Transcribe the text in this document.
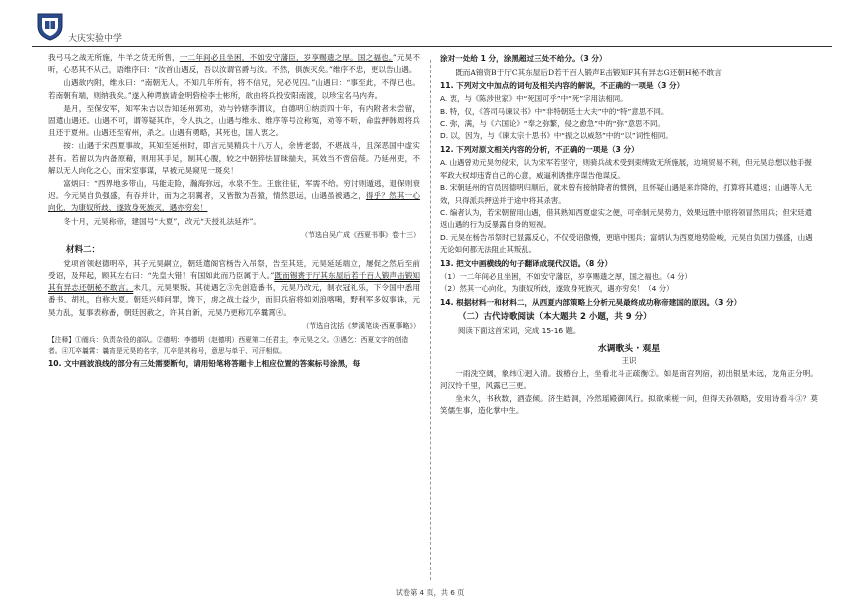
大庆实验中学

我弓马之战无所施，牛羊之货无所售，一二年间必且坐困，不如安守藩臣，岁享赐遗之厚。国之福也。”元昊不听，心恶其不从己，语维序曰：“汝首山遇反，吾以汝谓官爵与汝。不然，俱族灭矣。”维序不忠，更以告山遇。

山遇欲内附，维永曰：“南朝无人，不知几年所有，将不信兄，兄必见囚。”山遇曰：“事至此，不得已也。若南朝有端，则纳我矣。”遂入种谔族请金明砦检李士彬所，欲由将兵投安阳南渡，以珍宝名马内奔。

是月，至保安军，知军朱吉以告知延州郭劝，劝与钤辖李渭议，自德明①纳贡四十年，有内附者未尝留，固遣山遇还。山遇不可，谓等疑其诈，令人执之，山遇与维永、维序等号泣称冤，劝等不听，命监押韩周将兵且还于夏州。山遇还至宥州，杀之。山遇有勇略，其死也，国人衷之。

按：山遇于宋西夏事故，其知至延州时，即言元昊精兵十八万人，余皆老弱，不堪战斗，且深恶国中虚实甚有。若留以为内备原藉，则用其手足，制其心腹，较之中朝猝怯冒昧揣夫，其效当不啻倍蓰。乃延州吏，不解以无人向化之心，而宋室事谋，早被元昊窥见一斑矣！

富炳曰：“西界地多带山，马能走险，瀚海弥远，水泉不生。王旅往征，军需不给。穷讨则遁逃，退保则衰迟。今元昊自负强盛，有吞并计，而为之羽翼者，又皆散为吾猿，情然思运，山遇虽被遇之，得乎？然其一心向化，为康奴所歧，遂致身死族灭，遇亦穷矣！

冬十月，元昊称帝，建国号“大夏”，改元“天授礼法延祚”。

（节选自吴广成《西夏书事》卷十三）

材料二：

党项首领赵德明卒，其子元昊嗣立，朝廷遣阁官杨告入吊祭，告至其廷，元昊延延端立，屡促之然后至前受诏，及拜起，顾其左右曰：“先皇大错！有国如此而乃臣属于人。”既而锡赉于厅其东屋后若千百人锻声击锻知其有异志还朝秘不敢言。未几，元昊果叛。其徒遇乞③先创造番书，元昊乃改元，制衣冠礼乐，下令国中悉用番书、胡礼，自称大夏。朝廷兴师问罪，馋下，虏之战士益少，而旧兵宿将如刘浪喀噶，野利军多奴事诛，元昊力乱，复事表称番，朝廷因赦之，许其自新，元昊乃更称兀卒曩霄④。

（节选自沈括《梦溪笔谈·西夏事略》）

【注释】①阍兵：负责杂役的部队。②德明：李德明（赵德明）西夏第二任君主，李元昊之父。③遇乞：西夏文字的创造者。④兀卒曩霄：曩宵是元昊的名字，兀卒是其称号，意思与单于、可汗相似。

10. 文中画波浪线的部分有三处需要断句，请用铅笔将答题卡上相应位置的答案标号涂黑，每

涂对一处给 1 分，涂黑超过三处不给分。（3 分）

既而A锦资B于厅C其东屋后D若干百人锻声E击锻知F其有异志G还朝H秘不敢言

11. 下列对文中加点的词句及相关内容的解说，不正确的一项是（3 分）

A. 衷，与《陈涉世家》中“死国可乎”中“死”字用法相同。

B. 特，仅，《答司马谏议书》中“非特朝廷士大夫”中的“特”意思不同。

C. 弥，满，与《六国论》“奉之弥繁，侵之愈急”中的“弥”意思不同。

D. 以，因为，与《谏太宗十思书》中“振之以威怒”中的“以”词性相同。

12. 下列对原文相关内容的分析，不正确的一项是（3 分）

A. 山遇曾劝元昊勿侵宋，认为宋军若坚守，则骑兵战术受到束缚致无所施展，边境贸易不利，但元昊总想以他手握军政大权却违背自己的心意，威逼利诱推序谋告他谋反。

B. 宋朝延州的官员因德明归顺后，就未曾有接纳降者的惯例，且怀疑山遇是来诈降的，打算将其遣返；山遇等人无效，只得派兵押送并于途中将其杀害。

C. 编者认为，若宋朝留用山遇，借其熟知西夏虚实之便，可牵制元昊势力，效果远胜中原将领冒然用兵；但宋廷遣返山遇的行为反暴露自身的短视。

D. 元昊在杨告吊祭时已显露反心，不仅受诏傲慢，更暗中囤兵；富炳认为西夏地势险峻，元昊自负国力强盛，山遇无论如何都无法阻止其叛乱。

13. 把文中画横线的句子翻译成现代汉语。（8 分）

（1）一二年间必且坐困，不如安守藩臣，岁享赐遗之厚，国之福也。（4 分）

（2）然其一心向化，为康奴所歧，遂致身死族灭，遇亦穷矣！（4 分）

14. 根据材料一和材料二，从西夏内部策略上分析元昊最终成功称帝建国的原因。（3 分）

（二）古代诗歌阅读（本大题共 2 小题，共 9 分）

阅读下面这首宋词，完成 15-16 题。

水调歌头 · 观星

王识

一雨洗空阔，象纬①迥入清。拔椿台上，坐看北斗正疏衡②。如是南宫列宿，初出银星未远，龙角正分明。河汉怜千里，风露已三更。

坐未久，书秋数，酒壶倾。济生皓洞，冷然瑶殿御风行。拟欲乘槎一问，但得天孙领略，安用诗看斗③？莫笑儒生事，造化掌中生。

试卷第 4 页，共 6 页
